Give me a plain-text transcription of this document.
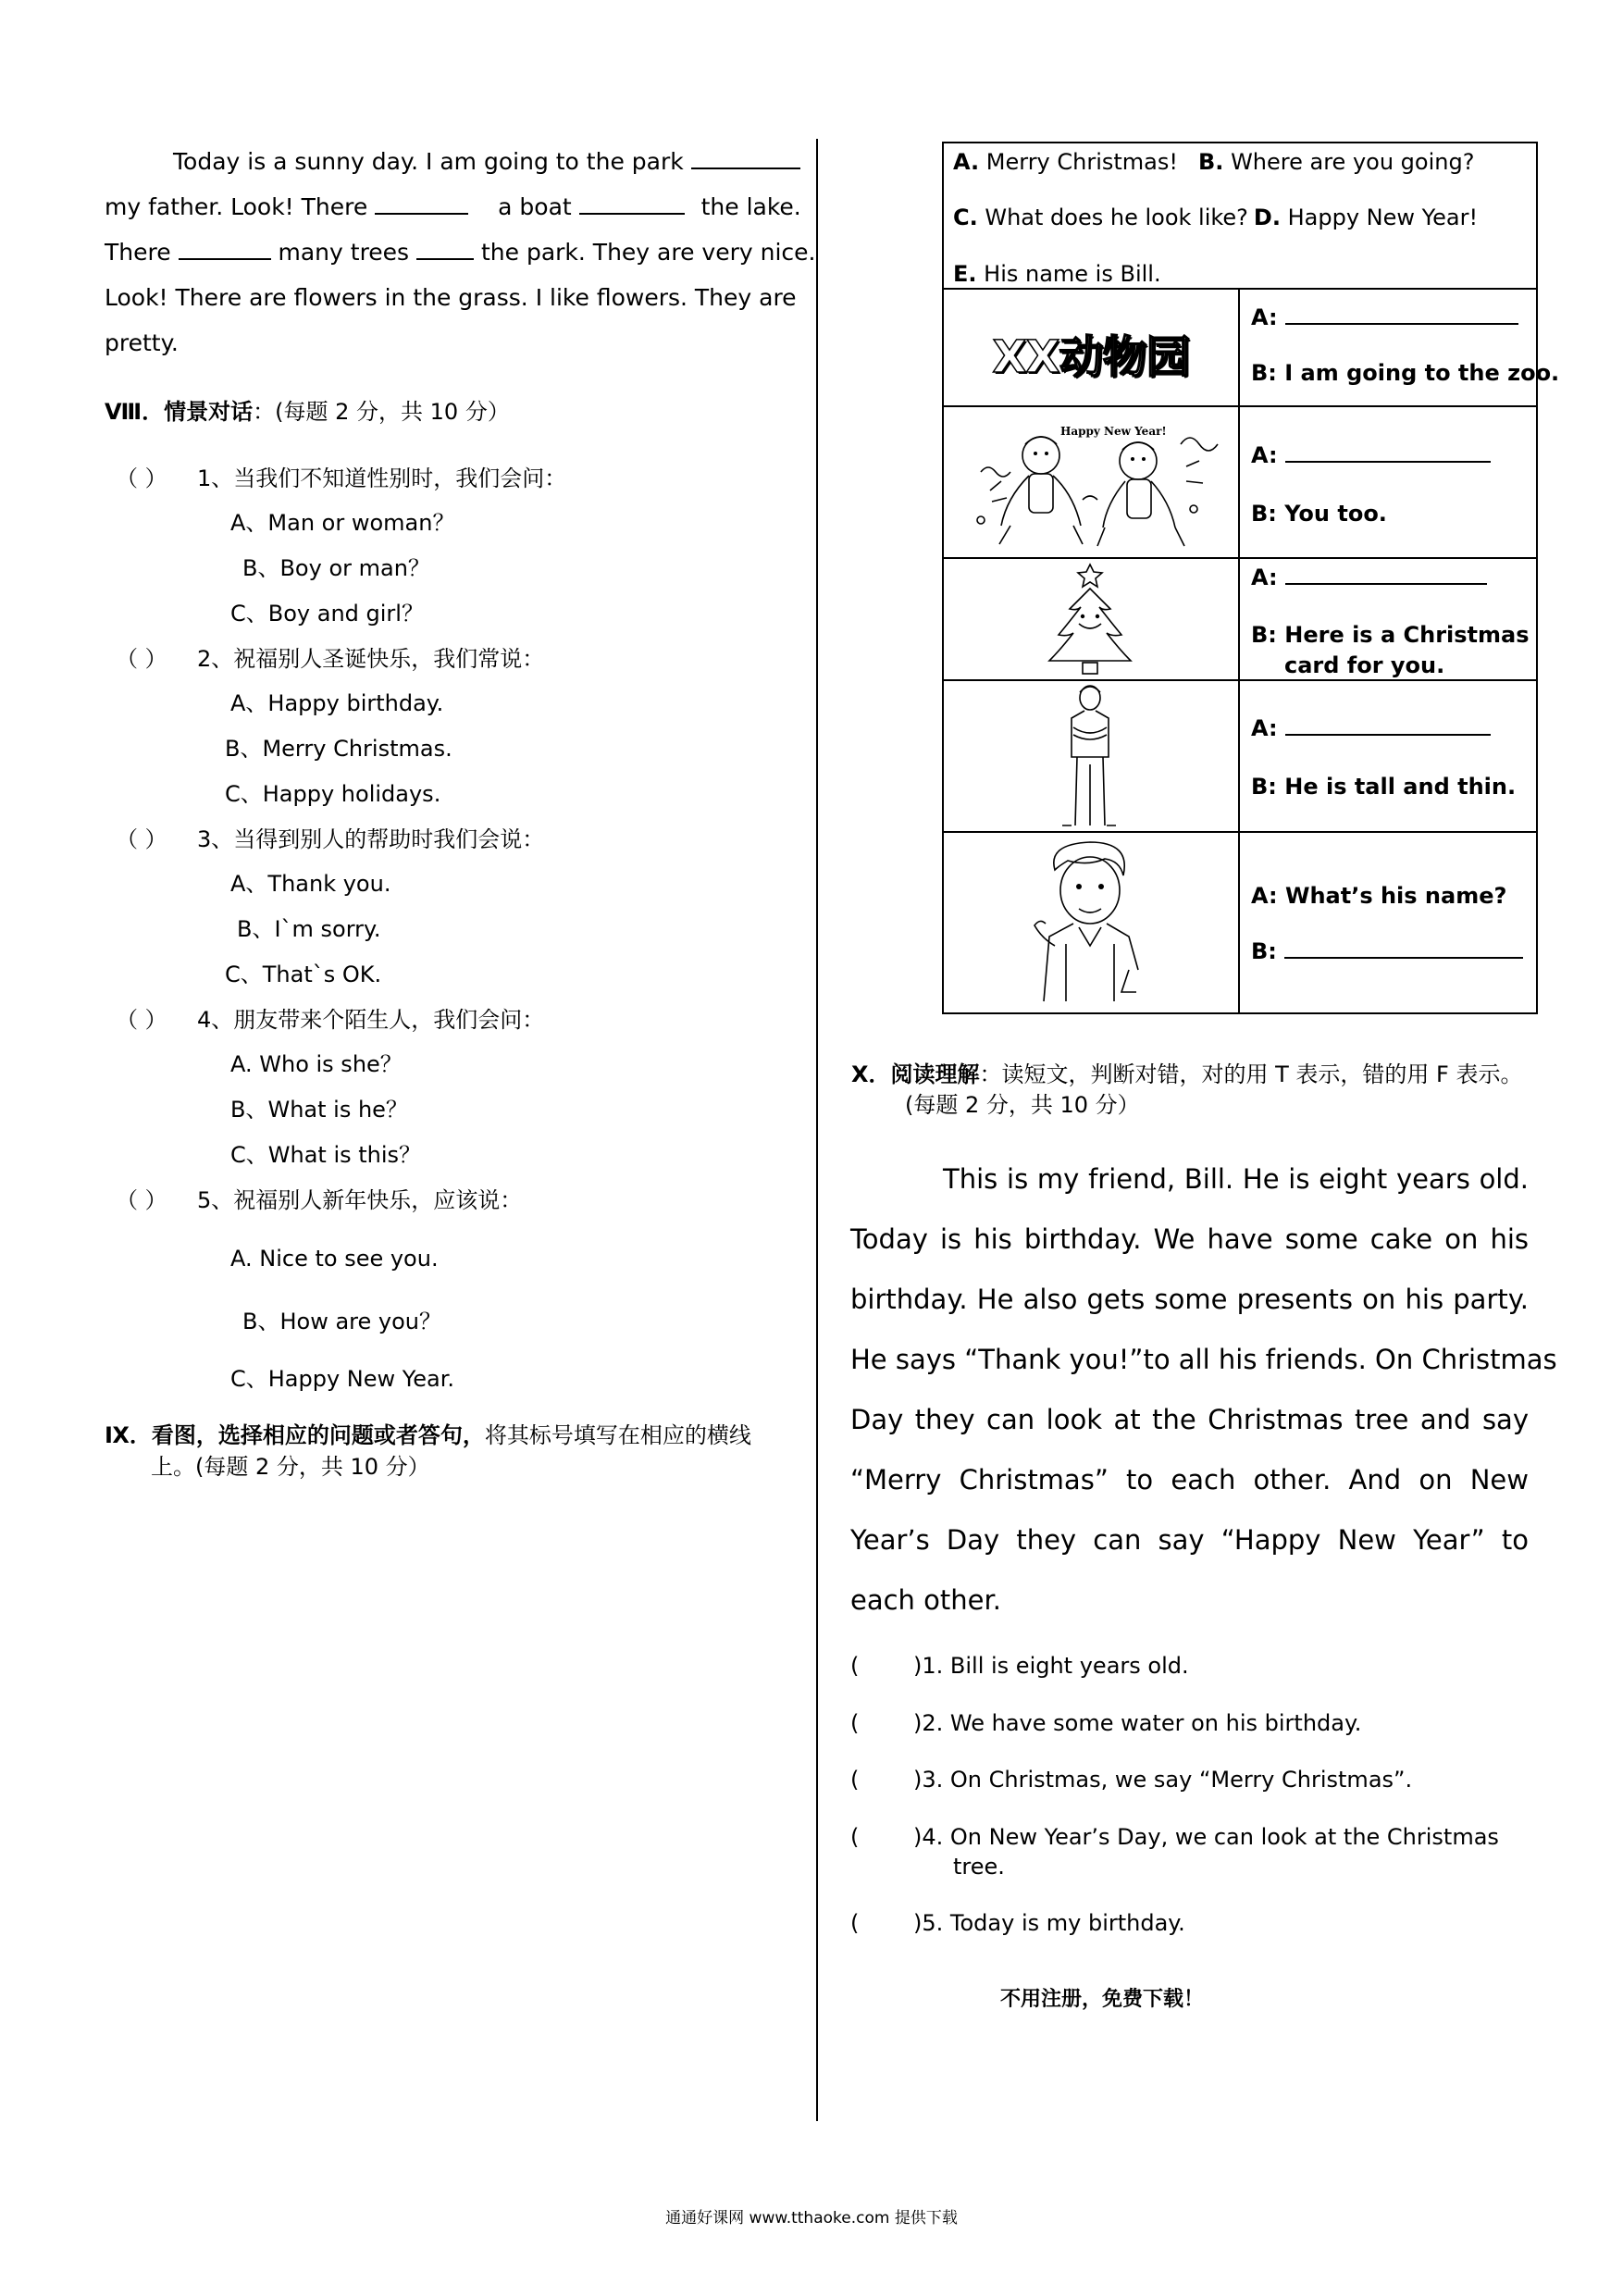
Today is a sunny day. I am going to the park
my father. Look! There	a boat	the lake.
There	many trees  the park. They are very nice.
Look! There are flowers in the grass. I like flowers. They are
pretty.
Ⅷ．情景对话：(每题 2 分，共 10 分）
（ ） 1、当我们不知道性别时，我们会问：
A、Man or woman？
B、Boy or man？
C、Boy and girl？
（ ） 2、祝福别人圣诞快乐，我们常说：
A、Happy birthday.
B、Merry Christmas.
C、Happy holidays.
（ ） 3、当得到别人的帮助时我们会说：
A、Thank you.
B、I`m sorry.
C、That`s OK.
（ ） 4、朋友带来个陌生人，我们会问：
A. Who is she？
B、What is he？
C、What is this？
（ ） 5、祝福别人新年快乐，应该说：
A. Nice to see you.
B、How are you？
C、Happy New Year.
Ⅸ．看图，选择相应的问题或者答句，将其标号填写在相应的横线
上。(每题 2 分，共 10 分）
A. Merry Christmas! B. Where are you going?
C. What does he look like? D. Happy New Year!
E. His name is Bill.
XX动物园
A:
B: I am going to the zoo.
Happy New Year!
A:
B: You too.
A:
B: Here is a Christmas
card for you.
A:
B: He is tall and thin.
A: What’s his name?
B:
Ⅹ．阅读理解：读短文，判断对错，对的用 T 表示，错的用 F 表示。
(每题 2 分，共 10 分）
This is my friend, Bill. He is eight years old.
Today is his birthday. We have some cake on his
birthday. He also gets some presents on his party.
He says “Thank you!”to all his friends. On Christmas
Day they can look at the Christmas tree and say
“Merry Christmas” to each other. And on New
Year’s Day they can say “Happy New Year” to
each other.
( )1. Bill is eight years old.
( )2. We have some water on his birthday.
( )3. On Christmas, we say “Merry Christmas”.
( )4. On New Year’s Day, we can look at the Christmas
tree.
( )5. Today is my birthday.
不用注册，免费下载！
通通好课网 www.tthaoke.com 提供下载
